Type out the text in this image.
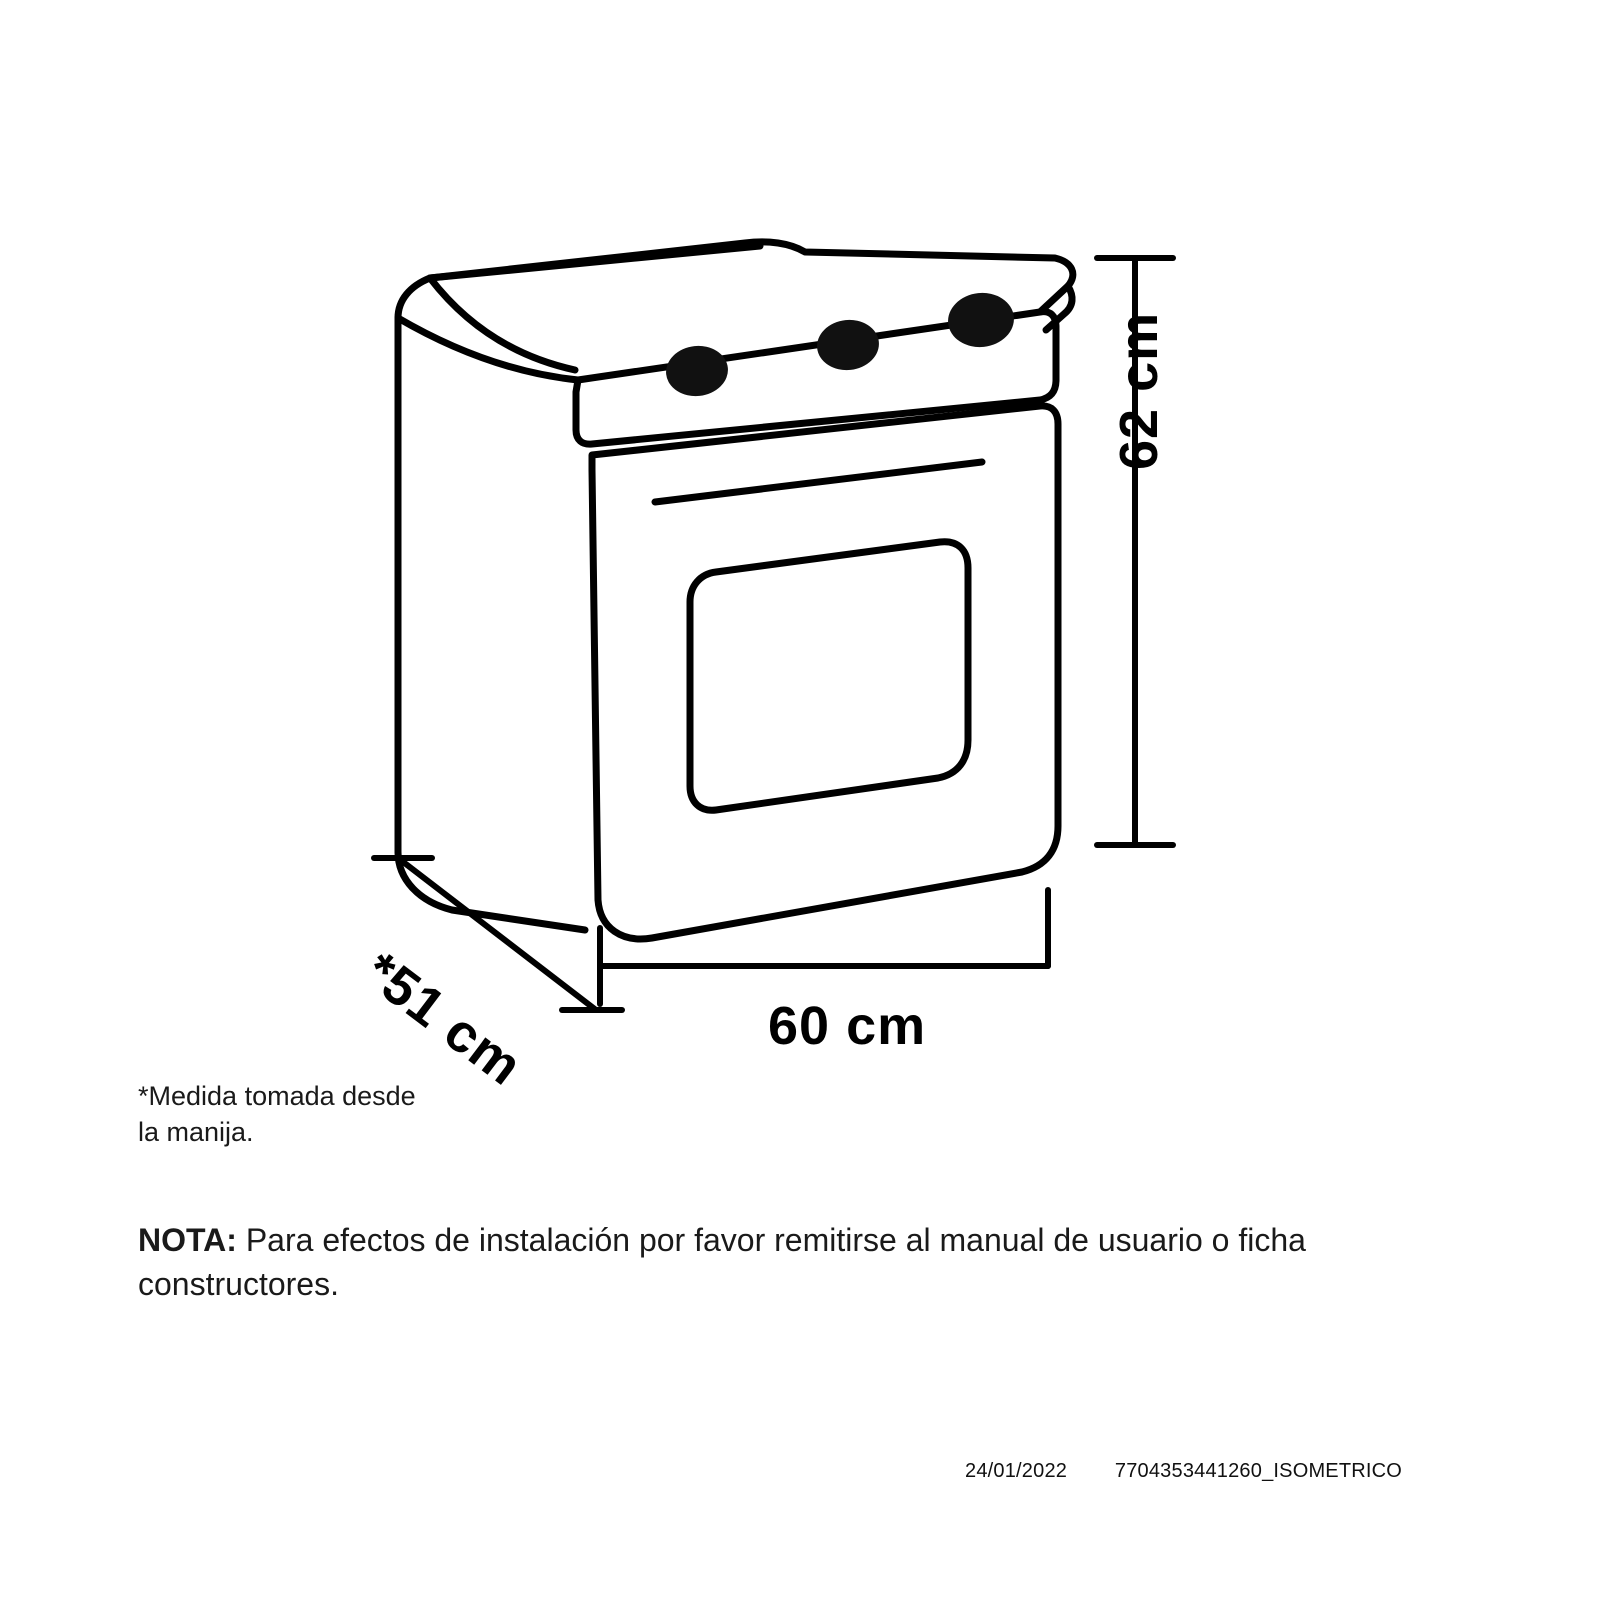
62 cm
60 cm
*51 cm
*Medida tomada desde
la manija.
NOTA: Para efectos de instalación por favor remitirse al manual de usuario o ficha constructores.
24/01/2022 7704353441260_ISOMETRICO
